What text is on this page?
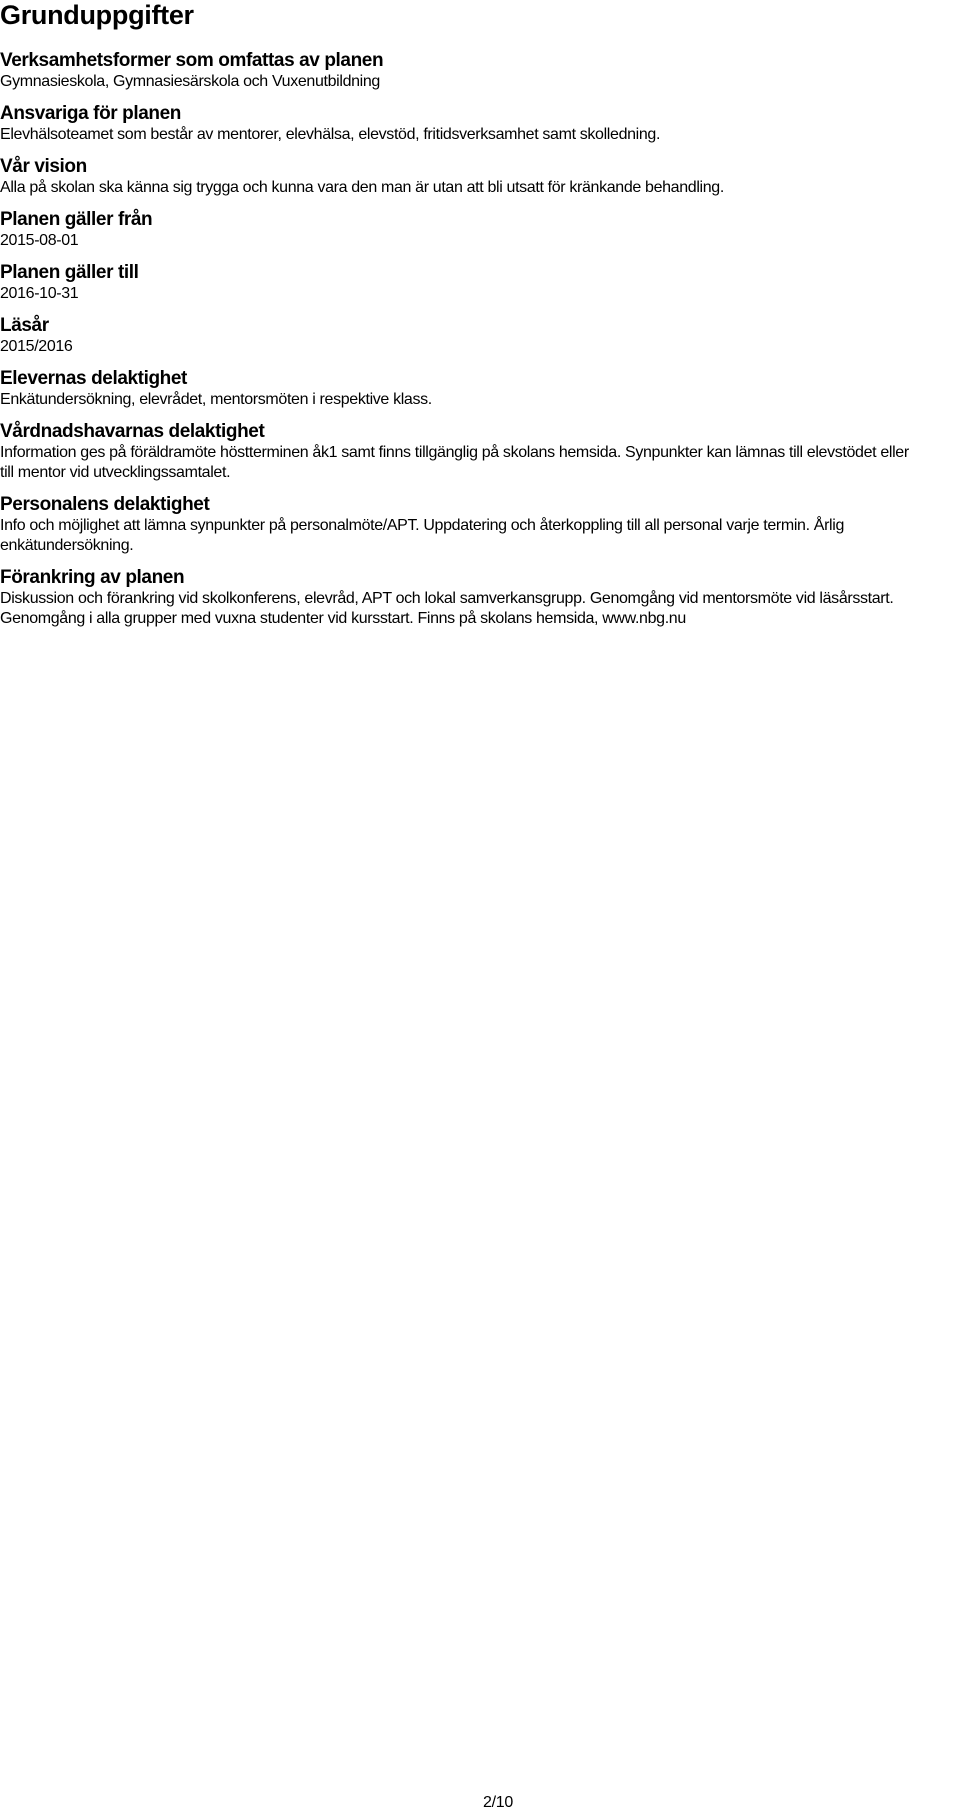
Grunduppgifter
Verksamhetsformer som omfattas av planen

Gymnasieskola, Gymnasiesärskola och Vuxenutbildning

Ansvariga för planen

Elevhälsoteamet som består av mentorer, elevhälsa, elevstöd, fritidsverksamhet samt skolledning.

Vår vision

Alla på skolan ska känna sig trygga och kunna vara den man är utan att bli utsatt för kränkande behandling.

Planen gäller från

2015-08-01

Planen gäller till

2016-10-31

Läsår

2015/2016

Elevernas delaktighet

Enkätundersökning, elevrådet, mentorsmöten i respektive klass.

Vårdnadshavarnas delaktighet

Information ges på föräldramöte höstterminen åk1 samt finns tillgänglig på skolans hemsida. Synpunkter kan lämnas till elevstödet eller till mentor vid utvecklingssamtalet.

Personalens delaktighet

Info och möjlighet att lämna synpunkter på personalmöte/APT. Uppdatering och återkoppling till all personal varje termin. Årlig enkätundersökning.

Förankring av planen

Diskussion och förankring vid skolkonferens, elevråd, APT och lokal samverkansgrupp. Genomgång vid mentorsmöte vid läsårsstart. Genomgång i alla grupper med vuxna studenter vid kursstart. Finns på skolans hemsida, www.nbg.nu

2/10
